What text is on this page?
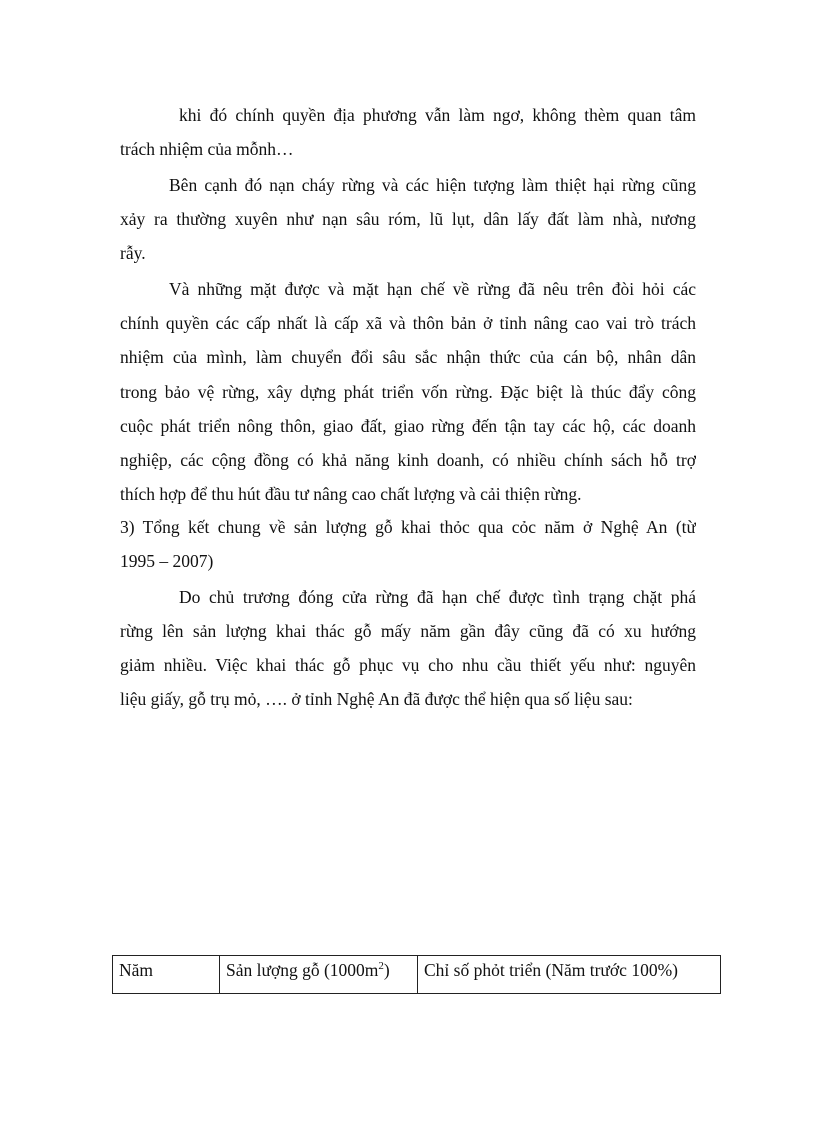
khi đó chính quyền địa phương vẫn làm ngơ, không thèm quan tâm
trách nhiệm của mỗnh…
Bên cạnh đó nạn cháy rừng và các hiện tượng làm thiệt hại rừng cũng
xảy ra thường xuyên như nạn sâu róm, lũ lụt, dân lấy đất làm nhà, nương
rẫy.
Và những mặt được và mặt hạn chế về rừng đã nêu trên đòi hỏi các
chính quyền các cấp nhất là cấp xã và thôn bản ở tỉnh nâng cao vai trò trách
nhiệm của mình, làm chuyển đổi sâu sắc nhận thức của cán bộ, nhân dân
trong bảo vệ rừng, xây dựng phát triển vốn rừng. Đặc biệt là thúc đẩy công
cuộc phát triển nông thôn, giao đất, giao rừng đến tận tay các hộ, các doanh
nghiệp, các cộng đồng có khả năng kinh doanh, có nhiều chính sách hỗ trợ
thích hợp để thu hút đầu tư nâng cao chất lượng và cải thiện rừng.
3) Tổng kết chung về sản lượng gỗ khai thỏc qua cỏc năm ở Nghệ An (từ
1995 – 2007)
Do chủ trương đóng cửa rừng đã hạn chế được tình trạng chặt phá
rừng lên sản lượng khai thác gỗ mấy năm gần đây cũng đã có xu hướng
giảm nhiều. Việc khai thác gỗ phục vụ cho nhu cầu thiết yếu như: nguyên
liệu giấy, gỗ trụ mỏ, …. ở tỉnh Nghệ An đã được thể hiện qua số liệu sau:
Năm	Sản lượng gỗ $(1000m^2)$	Chỉ số phỏt triển (Năm trước 100%)
